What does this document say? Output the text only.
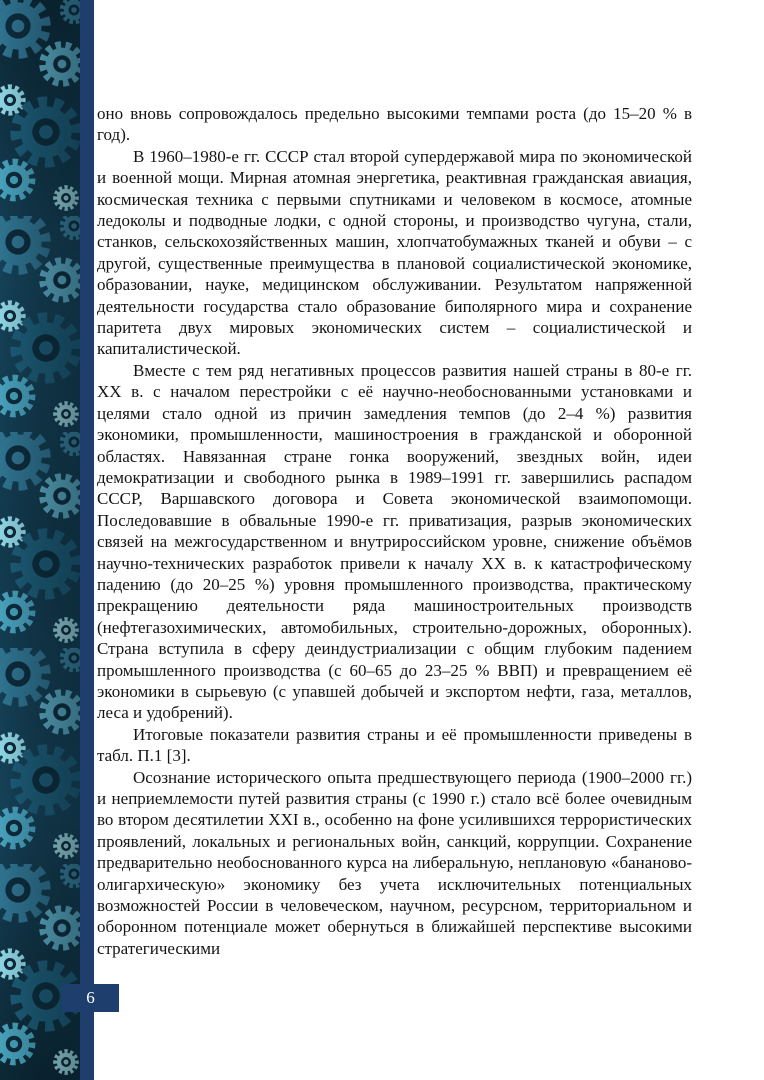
оно вновь сопровождалось предельно высокими темпами роста (до 15–20 % в год).

В 1960–1980-е гг. СССР стал второй супердержавой мира по экономической и военной мощи. Мирная атомная энергетика, реактивная гражданская авиация, космическая техника с первыми спутниками и человеком в космосе, атомные ледоколы и подводные лодки, с одной стороны, и производство чугуна, стали, станков, сельскохозяйственных машин, хлопчатобумажных тканей и обуви – с другой, существенные преимущества в плановой социалистической экономике, образовании, науке, медицинском обслуживании. Результатом напряженной деятельности государства стало образование биполярного мира и сохранение паритета двух мировых экономических систем – социалистической и капиталистической.

Вместе с тем ряд негативных процессов развития нашей страны в 80-е гг. XX в. с началом перестройки с её научно-необоснованными установками и целями стало одной из причин замедления темпов (до 2–4 %) развития экономики, промышленности, машиностроения в гражданской и оборонной областях. Навязанная стране гонка вооружений, звездных войн, идеи демократизации и свободного рынка в 1989–1991 гг. завершились распадом СССР, Варшавского договора и Совета экономической взаимопомощи. Последовавшие в обвальные 1990-е гг. приватизация, разрыв экономических связей на межгосударственном и внутрироссийском уровне, снижение объёмов научно-технических разработок привели к началу XX в. к катастрофическому падению (до 20–25 %) уровня промышленного производства, практическому прекращению деятельности ряда машиностроительных производств (нефтегазохимических, автомобильных, строительно-дорожных, оборонных). Страна вступила в сферу деиндустриализации с общим глубоким падением промышленного производства (с 60–65 до 23–25 % ВВП) и превращением её экономики в сырьевую (с упавшей добычей и экспортом нефти, газа, металлов, леса и удобрений).

Итоговые показатели развития страны и её промышленности приведены в табл. П.1 [3].

Осознание исторического опыта предшествующего периода (1900–2000 гг.) и неприемлемости путей развития страны (с 1990 г.) стало всё более очевидным во втором десятилетии XXI в., особенно на фоне усилившихся террористических проявлений, локальных и региональных войн, санкций, коррупции. Сохранение предварительно необоснованного курса на либеральную, неплановую «бананово-олигархическую» экономику без учета исключительных потенциальных возможностей России в человеческом, научном, ресурсном, территориальном и оборонном потенциале может обернуться в ближайшей перспективе высокими стратегическими

6
